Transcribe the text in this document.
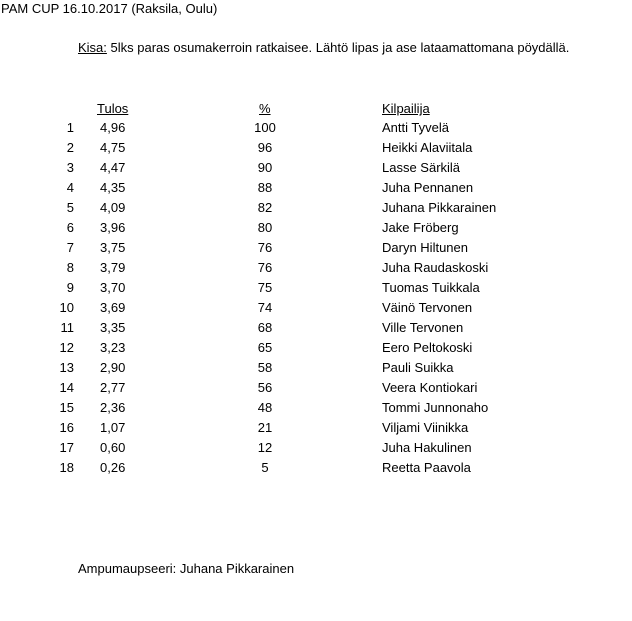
PAM CUP 16.10.2017 (Raksila, Oulu)
Kisa: 5lks paras osumakerroin ratkaisee. Lähtö lipas ja ase lataamattomana pöydällä.
Tulos	%	Kilpailija
1 4,96	100	Antti Tyvelä
2 4,75	96	Heikki Alaviitala
3 4,47	90	Lasse Särkilä
4 4,35	88	Juha Pennanen
5 4,09	82	Juhana Pikkarainen
6 3,96	80	Jake Fröberg
7 3,75	76	Daryn Hiltunen
8 3,79	76	Juha Raudaskoski
9 3,70	75	Tuomas Tuikkala
10 3,69	74	Väinö Tervonen
11 3,35	68	Ville Tervonen
12 3,23	65	Eero Peltokoski
13 2,90	58	Pauli Suikka
14 2,77	56	Veera Kontiokari
15 2,36	48	Tommi Junnonaho
16 1,07	21	Viljami Viinikka
17 0,60	12	Juha Hakulinen
18 0,26	5	Reetta Paavola
Ampumaupseeri: Juhana Pikkarainen
